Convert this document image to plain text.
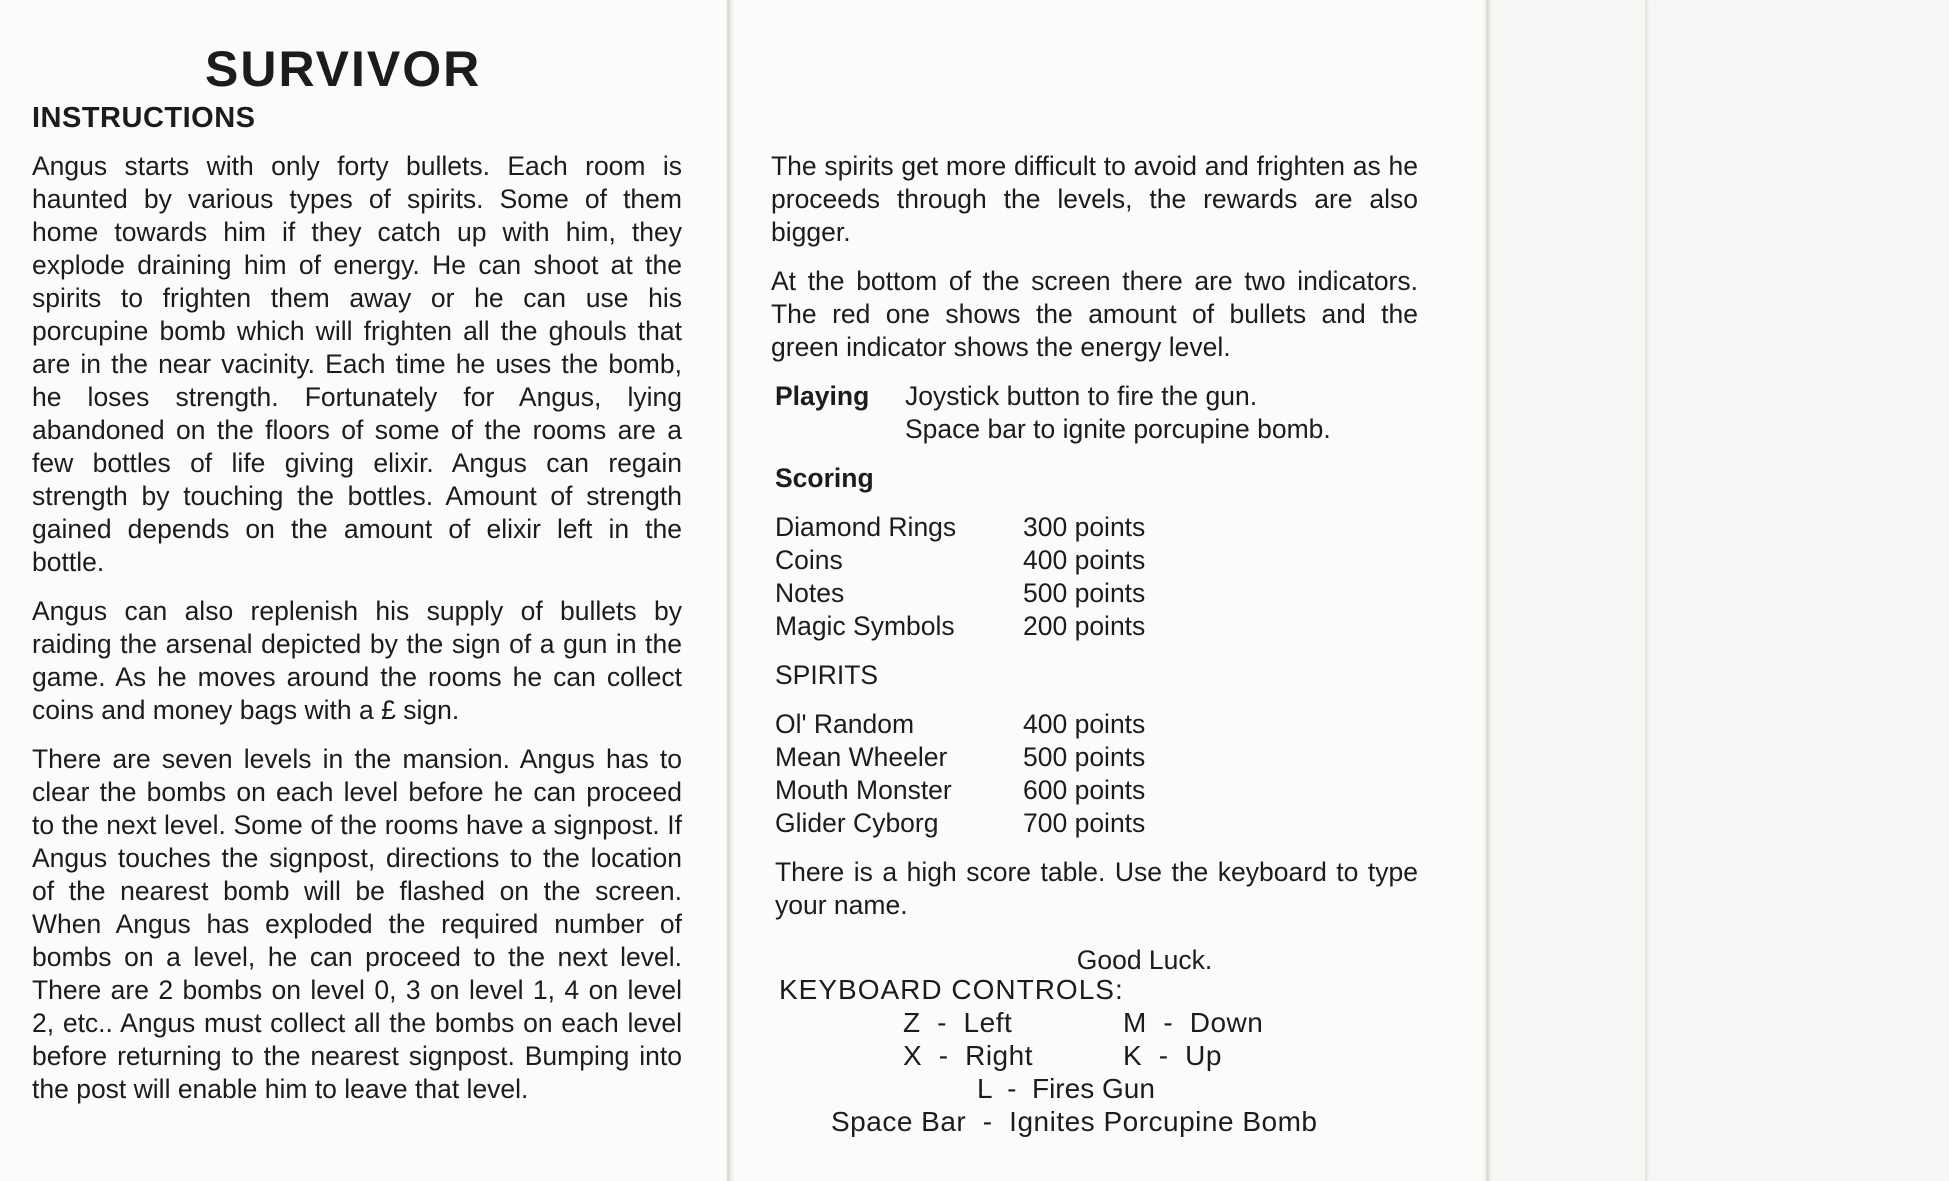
SURVIVOR
INSTRUCTIONS

Angus starts with only forty bullets. Each room is haunted by various types of spirits. Some of them home towards him if they catch up with him, they explode draining him of energy. He can shoot at the spirits to frighten them away or he can use his porcupine bomb which will frighten all the ghouls that are in the near vacinity. Each time he uses the bomb, he loses strength. Fortunately for Angus, lying abandoned on the floors of some of the rooms are a few bottles of life giving elixir. Angus can regain strength by touching the bottles. Amount of strength gained depends on the amount of elixir left in the bottle.

Angus can also replenish his supply of bullets by raiding the arsenal depicted by the sign of a gun in the game. As he moves around the rooms he can collect coins and money bags with a £ sign.

There are seven levels in the mansion. Angus has to clear the bombs on each level before he can proceed to the next level. Some of the rooms have a signpost. If Angus touches the signpost, directions to the location of the nearest bomb will be flashed on the screen. When Angus has exploded the required number of bombs on a level, he can proceed to the next level. There are 2 bombs on level 0, 3 on level 1, 4 on level 2, etc.. Angus must collect all the bombs on each level before returning to the nearest signpost. Bumping into the post will enable him to leave that level.

The spirits get more difficult to avoid and frighten as he proceeds through the levels, the rewards are also bigger.

At the bottom of the screen there are two indicators. The red one shows the amount of bullets and the green indicator shows the energy level.

Playing	Joystick button to fire the gun.
Space bar to ignite porcupine bomb.
Scoring
Diamond Rings	300 points
Coins	400 points
Notes	500 points
Magic Symbols	200 points
SPIRITS
Ol' Random	400 points
Mean Wheeler	500 points
Mouth Monster	600 points
Glider Cyborg	700 points

There is a high score table. Use the keyboard to type your name.

Good Luck.
KEYBOARD CONTROLS:
Z  -  Left	M  -  Down
X  -  Right	K  -  Up
L  -  Fires Gun
Space Bar  -  Ignites Porcupine Bomb
